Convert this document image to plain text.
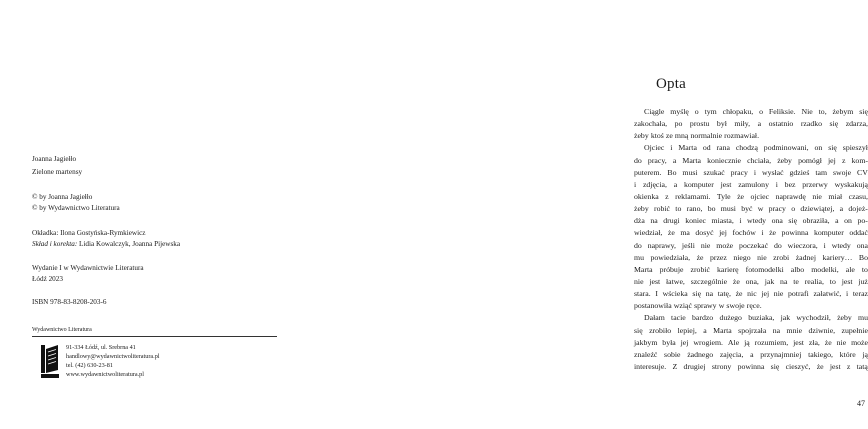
Joanna Jagiełło
Zielone martensy
© by Joanna Jagiełło
© by Wydawnictwo Literatura
Okładka: Ilona Gostyńska-Rymkiewicz
Skład i korekta: Lidia Kowalczyk, Joanna Pijewska
Wydanie I w Wydawnictwie Literatura
Łódź 2023
ISBN 978-83-8208-203-6
Wydawnictwo Literatura
91-334 Łódź, ul. Srebrna 41
handlowy@wydawnictwoliteratura.pl
tel. (42) 630-23-81
www.wydawnictwoliteratura.pl
Opta
Ciągle myślę o tym chłopaku, o Feliksie. Nie to, żebym się
zakochała, po prostu był miły, a ostatnio rzadko się zdarza,
żeby ktoś ze mną normalnie rozmawiał.
Ojciec i Marta od rana chodzą podminowani, on się spieszył
do pracy, a Marta koniecznie chciała, żeby pomógł jej z kom-
puterem. Bo musi szukać pracy i wysłać gdzieś tam swoje CV
i zdjęcia, a komputer jest zamulony i bez przerwy wyskakują
okienka z reklamami. Tyle że ojciec naprawdę nie miał czasu,
żeby robić to rano, bo musi być w pracy o dziewiątej, a dojeż-
dża na drugi koniec miasta, i wtedy ona się obraziła, a on po-
wiedział, że ma dosyć jej fochów i że powinna komputer oddać
do naprawy, jeśli nie może poczekać do wieczora, i wtedy ona
mu powiedziała, że przez niego nie zrobi żadnej kariery… Bo
Marta próbuje zrobić karierę fotomodelki albo modelki, ale to
nie jest łatwe, szczególnie że ona, jak na te realia, to jest już
stara. I wścieka się na tatę, że nic jej nie potrafi załatwić, i teraz
postanowiła wziąć sprawy w swoje ręce.
Dałam tacie bardzo dużego buziaka, jak wychodził, żeby mu
się zrobiło lepiej, a Marta spojrzała na mnie dziwnie, zupełnie
jakbym była jej wrogiem. Ale ją rozumiem, jest zła, że nie może
znaleźć sobie żadnego zajęcia, a przynajmniej takiego, które ją
interesuje. Z drugiej strony powinna się cieszyć, że jest z tatą
47
